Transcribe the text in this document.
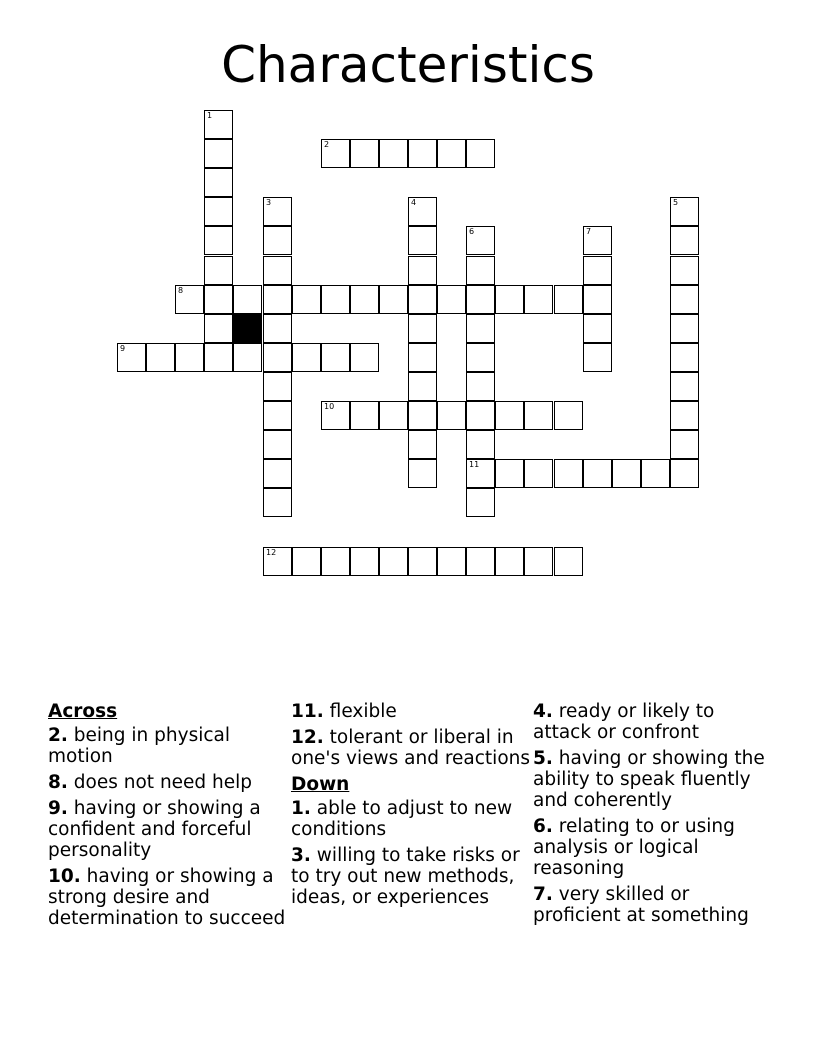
Characteristics
1
2
3	4	5
6	7
8
9
10
11
12
Across
2. being in physical motion
8. does not need help
9. having or showing a confident and forceful personality
10. having or showing a strong desire and determination to succeed
11. flexible
12. tolerant or liberal in one's views and reactions
Down
1. able to adjust to new conditions
3. willing to take risks or to try out new methods, ideas, or experiences
4. ready or likely to attack or confront
5. having or showing the ability to speak fluently and coherently
6. relating to or using analysis or logical reasoning
7. very skilled or proficient at something
